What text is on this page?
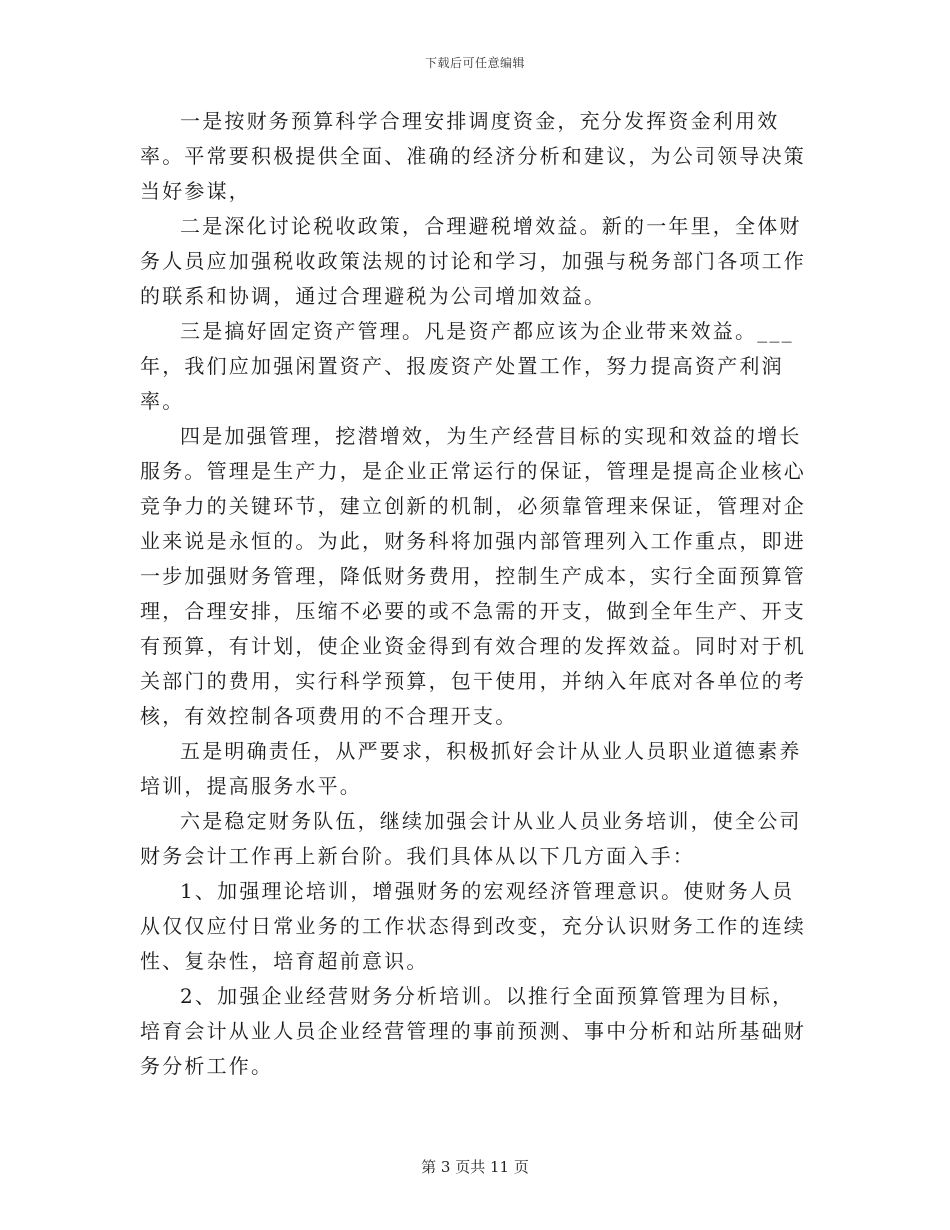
下载后可任意编辑

一是按财务预算科学合理安排调度资金，充分发挥资金利用效率。平常要积极提供全面、准确的经济分析和建议，为公司领导决策当好参谋，

二是深化讨论税收政策，合理避税增效益。新的一年里，全体财务人员应加强税收政策法规的讨论和学习，加强与税务部门各项工作的联系和协调，通过合理避税为公司增加效益。

三是搞好固定资产管理。凡是资产都应该为企业带来效益。___年，我们应加强闲置资产、报废资产处置工作，努力提高资产利润率。

四是加强管理，挖潜增效，为生产经营目标的实现和效益的增长服务。管理是生产力，是企业正常运行的保证，管理是提高企业核心竞争力的关键环节，建立创新的机制，必须靠管理来保证，管理对企业来说是永恒的。为此，财务科将加强内部管理列入工作重点，即进一步加强财务管理，降低财务费用，控制生产成本，实行全面预算管理，合理安排，压缩不必要的或不急需的开支，做到全年生产、开支有预算，有计划，使企业资金得到有效合理的发挥效益。同时对于机关部门的费用，实行科学预算，包干使用，并纳入年底对各单位的考核，有效控制各项费用的不合理开支。

五是明确责任，从严要求，积极抓好会计从业人员职业道德素养培训，提高服务水平。

六是稳定财务队伍，继续加强会计从业人员业务培训，使全公司财务会计工作再上新台阶。我们具体从以下几方面入手：

1、加强理论培训，增强财务的宏观经济管理意识。使财务人员从仅仅应付日常业务的工作状态得到改变，充分认识财务工作的连续性、复杂性，培育超前意识。

2、加强企业经营财务分析培训。以推行全面预算管理为目标，培育会计从业人员企业经营管理的事前预测、事中分析和站所基础财务分析工作。

第 3 页共 11 页
